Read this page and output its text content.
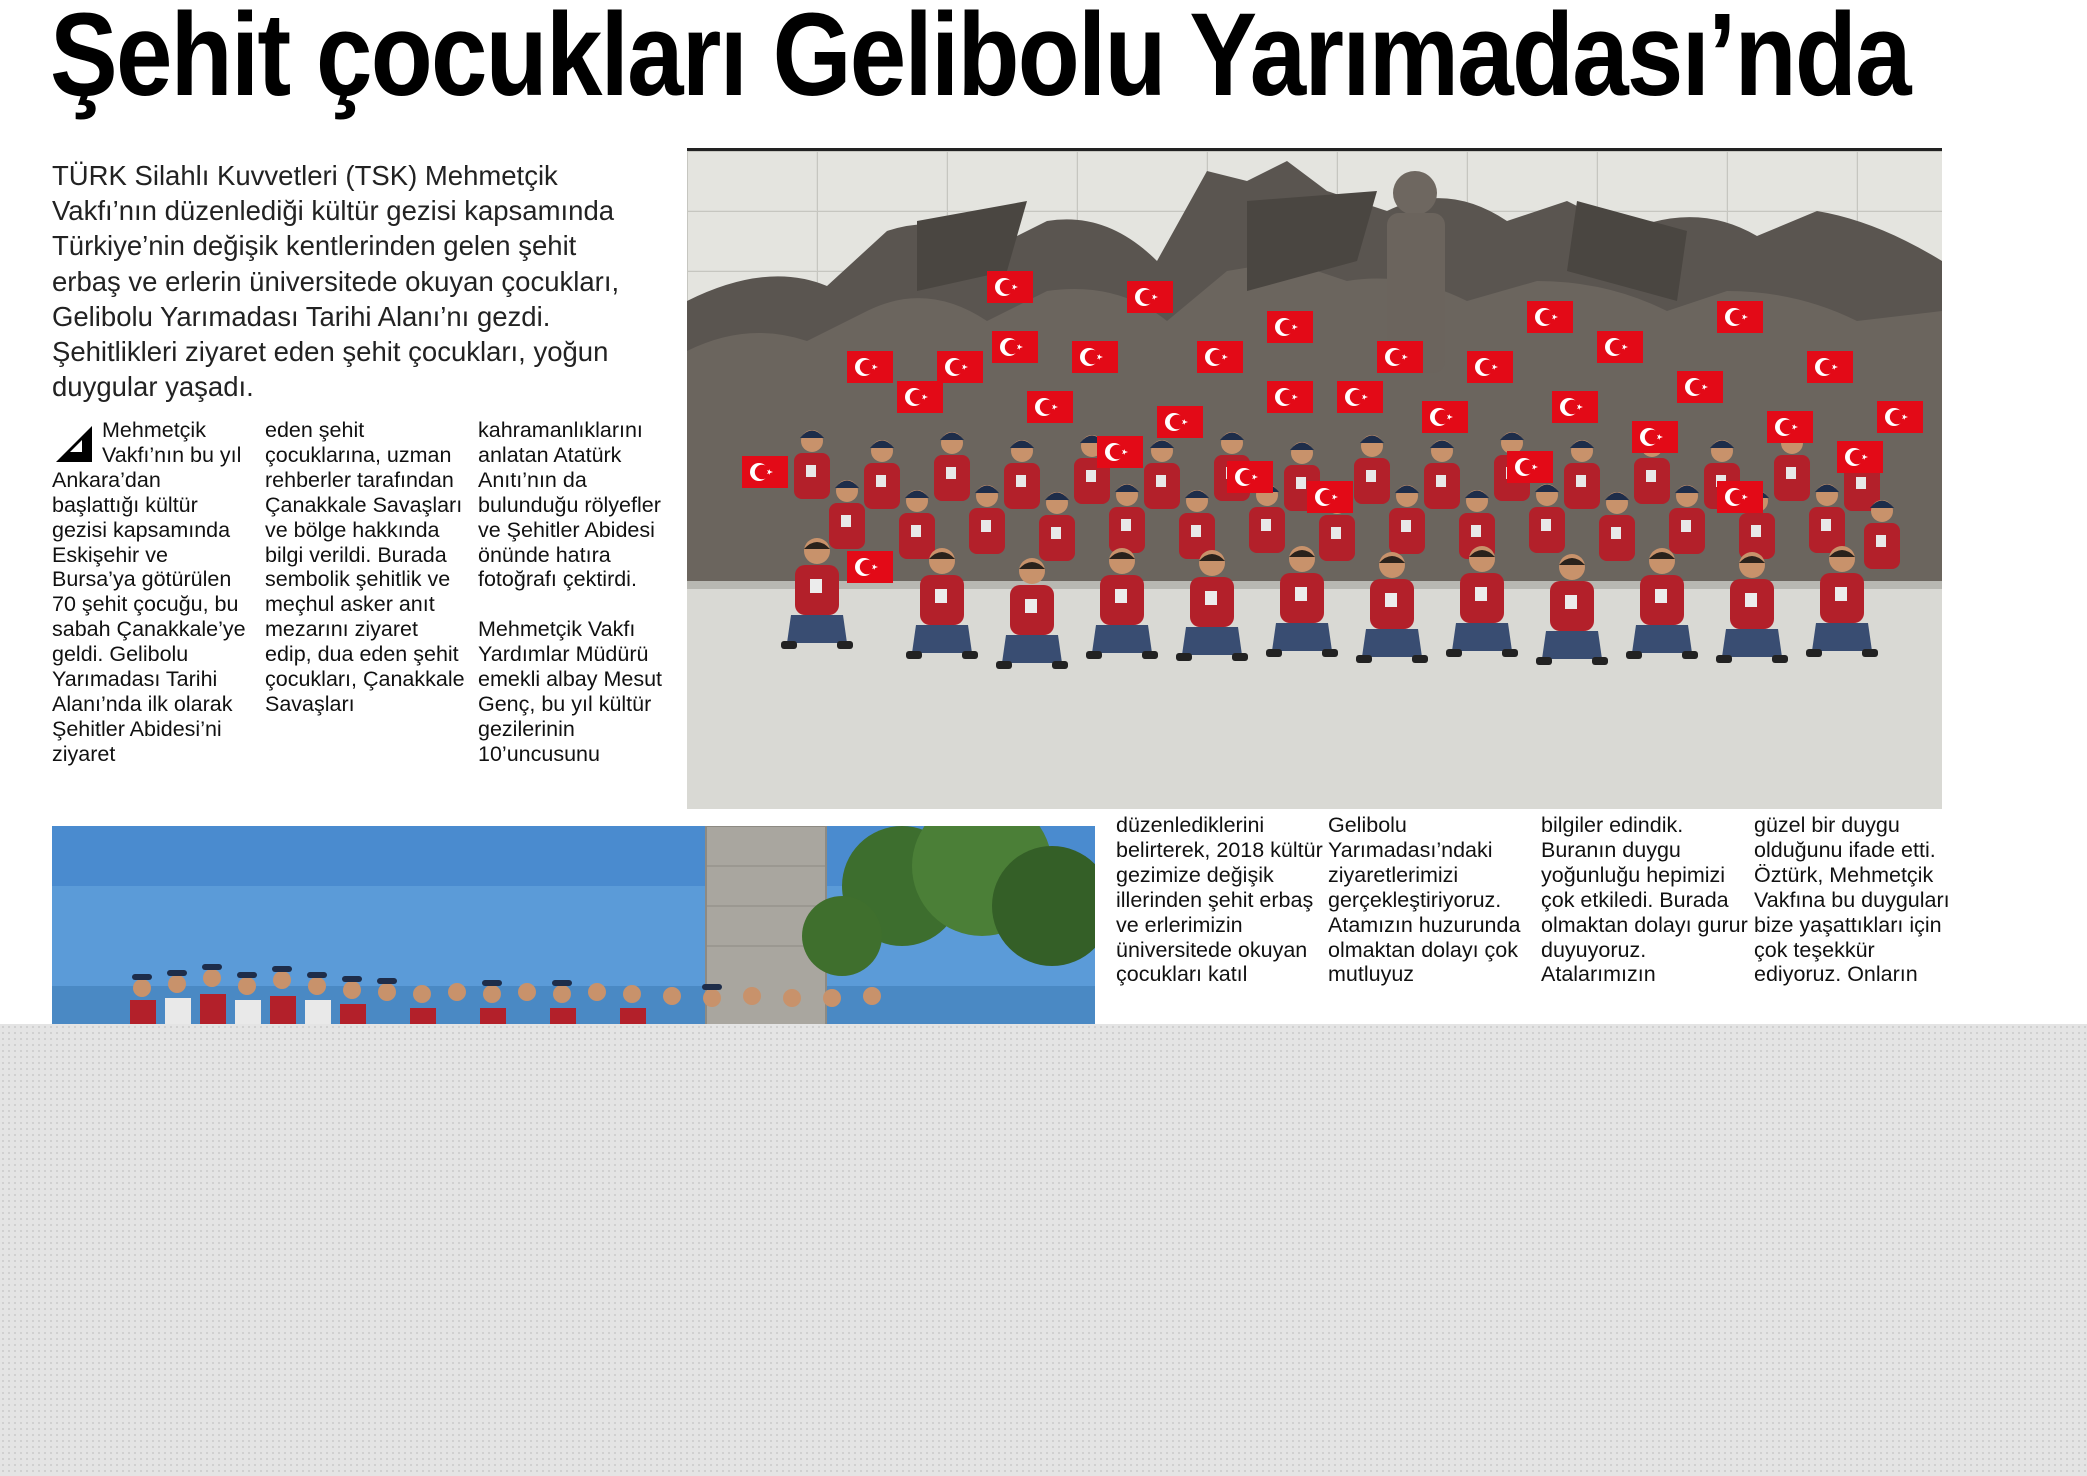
Şehit çocukları Gelibolu Yarımadası’nda

TÜRK Silahlı Kuvvetleri (TSK) Mehmetçik Vakfı’nın düzenlediği kültür gezisi kapsamında Türkiye’nin değişik kentlerinden gelen şehit erbaş ve erlerin üniversitede okuyan çocukları, Gelibolu Yarımadası Tarihi Alanı’nı gezdi. Şehitlikleri ziyaret eden şehit çocukları, yoğun duygular yaşadı.

Mehmetçik Vakfı’nın bu yıl Ankara’dan başlattığı kültür gezisi kapsamında Eskişehir ve Bursa’ya götürülen 70 şehit çocuğu, bu sabah Çanakkale’ye geldi. Gelibolu Yarımadası Tarihi Alanı’nda ilk olarak Şehitler Abidesi’ni ziyaret

eden şehit çocuklarına, uzman rehberler tarafından Çanakkale Savaşları ve bölge hakkında bilgi verildi. Burada sembolik şehitlik ve meçhul asker anıt mezarını ziyaret edip, dua eden şehit çocukları, Çanakkale Savaşları

kahramanlıklarını anlatan Atatürk Anıtı’nın da bulunduğu rölyefler ve Şehitler Abidesi önünde hatıra fotoğrafı çektirdi.

Mehmetçik Vakfı Yardımlar Müdürü emekli albay Mesut Genç, bu yıl kültür gezilerinin 10’uncusunu

düzenlediklerini belirterek, 2018 kültür gezimize değişik illerinden şehit erbaş ve erlerimizin üniversitede okuyan çocukları katıl

Gelibolu Yarımadası’ndaki ziyaretlerimizi gerçekleştiriyoruz. Atamızın huzurunda olmaktan dolayı çok mutluyuz

bilgiler edindik. Buranın duygu yoğunluğu hepimizi çok etkiledi. Burada olmaktan dolayı gurur duyuyoruz. Atalarımızın

güzel bir duygu olduğunu ifade etti. Öztürk, Mehmetçik Vakfına bu duyguları bize yaşattıkları için çok teşekkür ediyoruz. Onların
